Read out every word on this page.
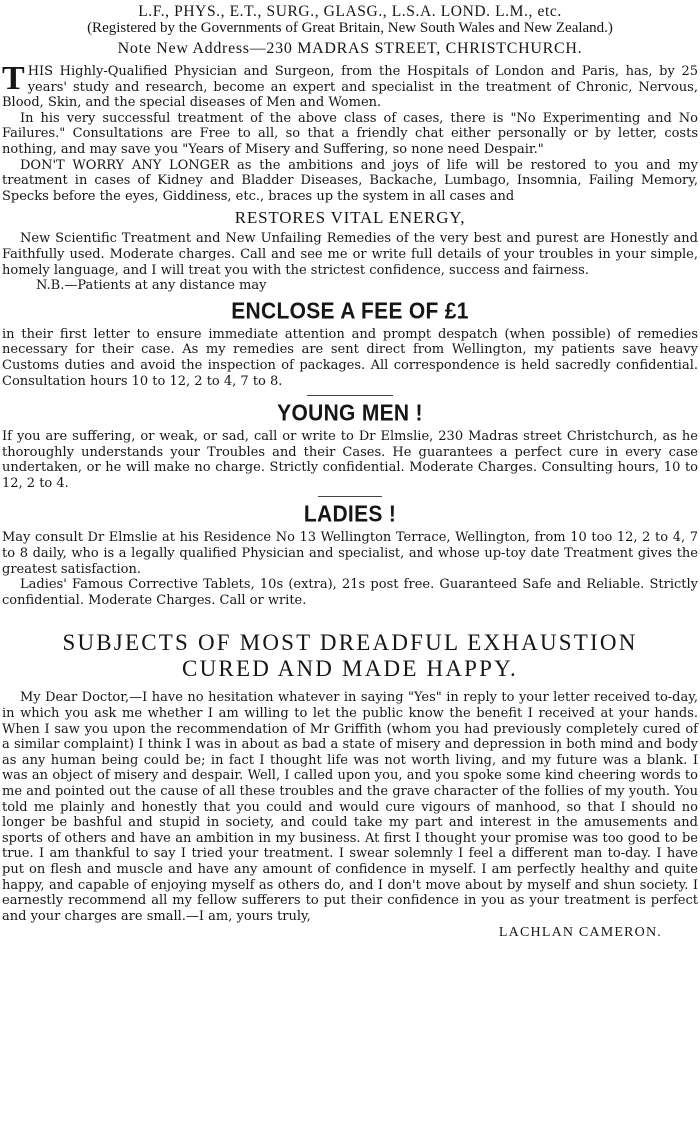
L.F., PHYS., E.T., SURG., GLASG., L.S.A. LOND. L.M., etc.

(Registered by the Governments of Great Britain, New South Wales and New Zealand.)

Note New Address—230 MADRAS STREET, CHRISTCHURCH.

THIS Highly-Qualified Physician and Surgeon, from the Hospitals of London and Paris, has, by 25 years' study and research, become an expert and specialist in the treatment of Chronic, Nervous, Blood, Skin, and the special diseases of Men and Women.

In his very successful treatment of the above class of cases, there is "No Experimenting and No Failures." Consultations are Free to all, so that a friendly chat either personally or by letter, costs nothing, and may save you "Years of Misery and Suffering, so none need Despair."

DON'T WORRY ANY LONGER as the ambitions and joys of life will be restored to you and my treatment in cases of Kidney and Bladder Diseases, Backache, Lumbago, Insomnia, Failing Memory, Specks before the eyes, Giddiness, etc., braces up the system in all cases and

RESTORES VITAL ENERGY,

New Scientific Treatment and New Unfailing Remedies of the very best and purest are Honestly and Faithfully used. Moderate charges. Call and see me or write full details of your troubles in your simple, homely language, and I will treat you with the strictest confidence, success and fairness.

N.B.—Patients at any distance may

ENCLOSE A FEE OF £1

in their first letter to ensure immediate attention and prompt despatch (when possible) of remedies necessary for their case. As my remedies are sent direct from Wellington, my patients save heavy Customs duties and avoid the inspection of packages. All correspondence is held sacredly confidential. Consultation hours 10 to 12, 2 to 4, 7 to 8.

YOUNG MEN !

If you are suffering, or weak, or sad, call or write to Dr Elmslie, 230 Madras street Christchurch, as he thoroughly understands your Troubles and their Cases. He guarantees a perfect cure in every case undertaken, or he will make no charge. Strictly confidential. Moderate Charges. Consulting hours, 10 to 12, 2 to 4.

LADIES !

May consult Dr Elmslie at his Residence No 13 Wellington Terrace, Wellington, from 10 too 12, 2 to 4, 7 to 8 daily, who is a legally qualified Physician and specialist, and whose up-toy date Treatment gives the greatest satisfaction.

Ladies' Famous Corrective Tablets, 10s (extra), 21s post free. Guaranteed Safe and Reliable. Strictly confidential. Moderate Charges. Call or write.

SUBJECTS OF MOST DREADFUL EXHAUSTION
CURED AND MADE HAPPY.

My Dear Doctor,—I have no hesitation whatever in saying "Yes" in reply to your letter received to-day, in which you ask me whether I am willing to let the public know the benefit I received at your hands. When I saw you upon the recommendation of Mr Griffith (whom you had previously completely cured of a similar complaint) I think I was in about as bad a state of misery and depression in both mind and body as any human being could be; in fact I thought life was not worth living, and my future was a blank. I was an object of misery and despair. Well, I called upon you, and you spoke some kind cheering words to me and pointed out the cause of all these troubles and the grave character of the follies of my youth. You told me plainly and honestly that you could and would cure vigours of manhood, so that I should no longer be bashful and stupid in society, and could take my part and interest in the amusements and sports of others and have an ambition in my business. At first I thought your promise was too good to be true. I am thankful to say I tried your treatment. I swear solemnly I feel a different man to-day. I have put on flesh and muscle and have any amount of confidence in myself. I am perfectly healthy and quite happy, and capable of enjoying myself as others do, and I don't move about by myself and shun society. I earnestly recommend all my fellow sufferers to put their confidence in you as your treatment is perfect and your charges are small.—I am, yours truly,

LACHLAN CAMERON.
